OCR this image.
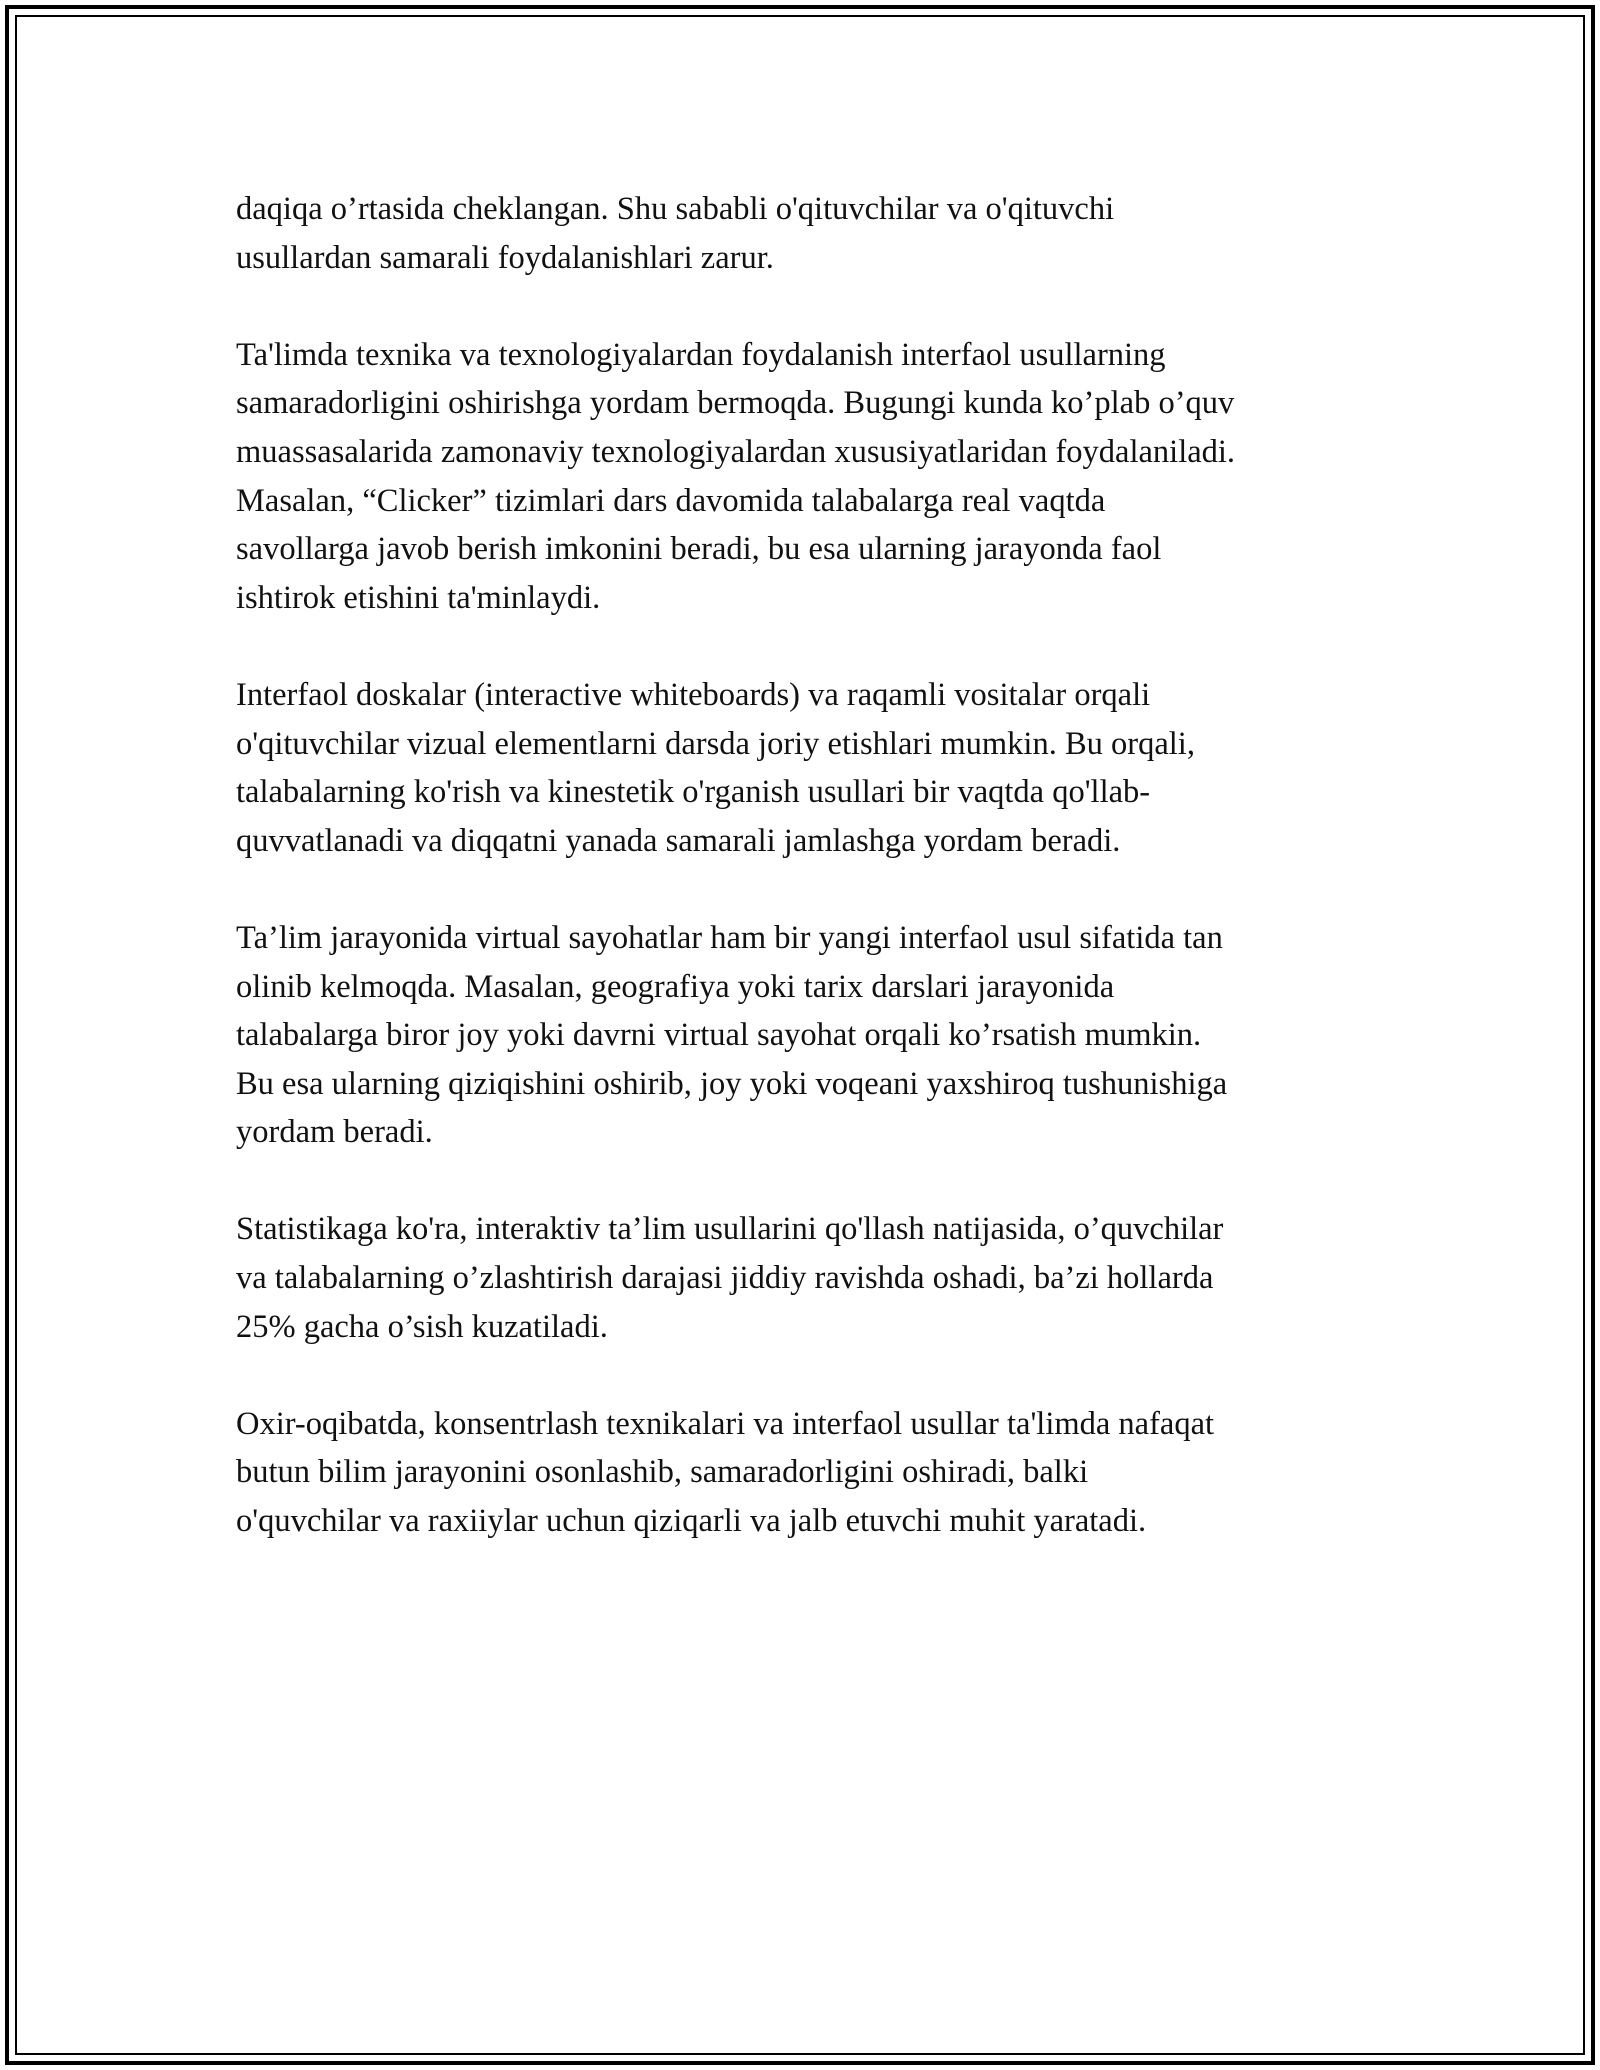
daqiqa o’rtasida cheklangan. Shu sababli o'qituvchilar va o'qituvchi
usullardan samarali foydalanishlari zarur.

Ta'limda texnika va texnologiyalardan foydalanish interfaol usullarning
samaradorligini oshirishga yordam bermoqda. Bugungi kunda ko’plab o’quv
muassasalarida zamonaviy texnologiyalardan xususiyatlaridan foydalaniladi.
Masalan, “Clicker” tizimlari dars davomida talabalarga real vaqtda
savollarga javob berish imkonini beradi, bu esa ularning jarayonda faol
ishtirok etishini ta'minlaydi.

Interfaol doskalar (interactive whiteboards) va raqamli vositalar orqali
o'qituvchilar vizual elementlarni darsda joriy etishlari mumkin. Bu orqali,
talabalarning ko'rish va kinestetik o'rganish usullari bir vaqtda qo'llab-
quvvatlanadi va diqqatni yanada samarali jamlashga yordam beradi.

Ta’lim jarayonida virtual sayohatlar ham bir yangi interfaol usul sifatida tan
olinib kelmoqda. Masalan, geografiya yoki tarix darslari jarayonida
talabalarga biror joy yoki davrni virtual sayohat orqali ko’rsatish mumkin.
Bu esa ularning qiziqishini oshirib, joy yoki voqeani yaxshiroq tushunishiga
yordam beradi.

Statistikaga ko'ra, interaktiv ta’lim usullarini qo'llash natijasida, o’quvchilar
va talabalarning o’zlashtirish darajasi jiddiy ravishda oshadi, ba’zi hollarda
25% gacha o’sish kuzatiladi.

Oxir-oqibatda, konsentrlash texnikalari va interfaol usullar ta'limda nafaqat
butun bilim jarayonini osonlashib, samaradorligini oshiradi, balki
o'quvchilar va raxiiylar uchun qiziqarli va jalb etuvchi muhit yaratadi.
